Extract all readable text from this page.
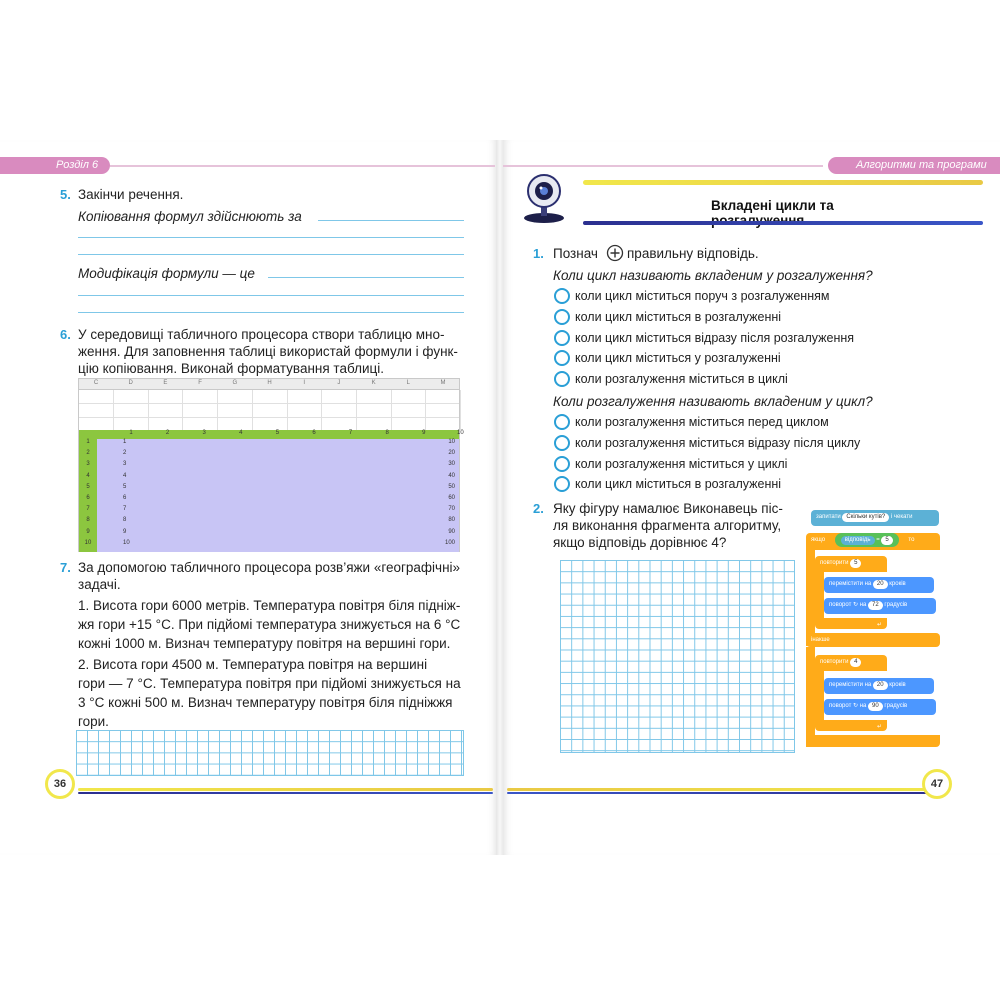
Розділ 6
5. Закінчи речення.
Копіювання формул здійснюють за
Модифікація формули — це
6. У середовищі табличного процесора створи таблицю мно-
ження. Для заповнення таблиці використай формули і функ-
цію копіювання. Виконай форматування таблиці.
C	D	E	F	G	H	I	J	K	L	M
1	2	3	4	5	6	7	8	9	10
1	1	10
2	2	20
3	3	30
4	4	40
5	5	50
6	6	60
7	7	70
8	8	80
9	9	90
10	10	100
7. За допомогою табличного процесора розв’яжи «географічні»
задачі.
1. Висота гори 6000 метрів. Температура повітря біля підніж-
жя гори +15 °C. При підйомі температура знижується на 6 °C
кожні 1000 м. Визнач температуру повітря на вершині гори.
2. Висота гори 4500 м. Температура повітря на вершині
гори — 7 °C. Температура повітря при підйомі знижується на
3 °C кожні 500 м. Визнач температуру повітря біля підніжжя
гори.
36
Алгоритми та програми
Вкладені цикли та
1. Познач правильну відповідь.
Коли цикл називають вкладеним у розгалуження?
коли цикл міститься поруч з розгалуженням
коли цикл міститься в розгалуженні
коли цикл міститься відразу після розгалуження
коли цикл міститься у розгалуженні
коли розгалуження міститься в циклі
Коли розгалуження називають вкладеним у цикл?
коли розгалуження міститься перед циклом
коли розгалуження міститься відразу після циклу
коли розгалуження міститься у циклі
коли цикл міститься в розгалуженні
2. Яку фігуру намалює Виконавець піс-
ля виконання фрагмента алгоритму,
якщо відповідь дорівнює 4?
запитати Скільки кутів? і чекати
якщо	відповідь = 5	то
повторити 5
перемістити на 20 кроків
поворот ↻ на 72 градусів
↵
інакше
повторити 4
перемістити на 20 кроків
поворот ↻ на 90 градусів
↵
47
